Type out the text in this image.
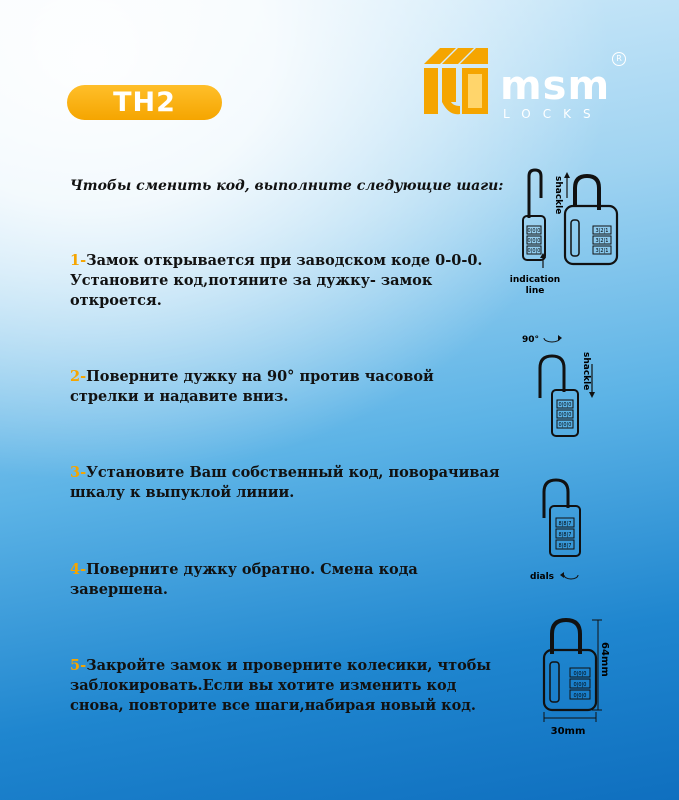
TH2	msm
LOCKS
R
Чтобы сменить код, выполните следующие шаги:
1-Замок открывается при заводском коде 0-0-0. Установите код,потяните за дужку- замок откроется.
2-Поверните дужку на 90° против часовой стрелки и надавите вниз.
3-Установите Ваш собственный код, поворачивая шкалу к выпуклой линии.
4-Поверните дужку обратно. Смена кода завершена.
5-Закройте замок и проверните колесики, чтобы заблокировать.Если вы хотите изменить код снова, повторите все шаги,набирая новый код.
0|0|0
0|0|0
0|0|0
3|2|1
3|2|1
3|2|1
shackle
indication
line
90°
0|0|0
0|0|0
0|0|0
shackle
8|8|7
8|8|7
8|8|7
dials
0|0|0
0|0|0
0|0|0
64mm
30mm
